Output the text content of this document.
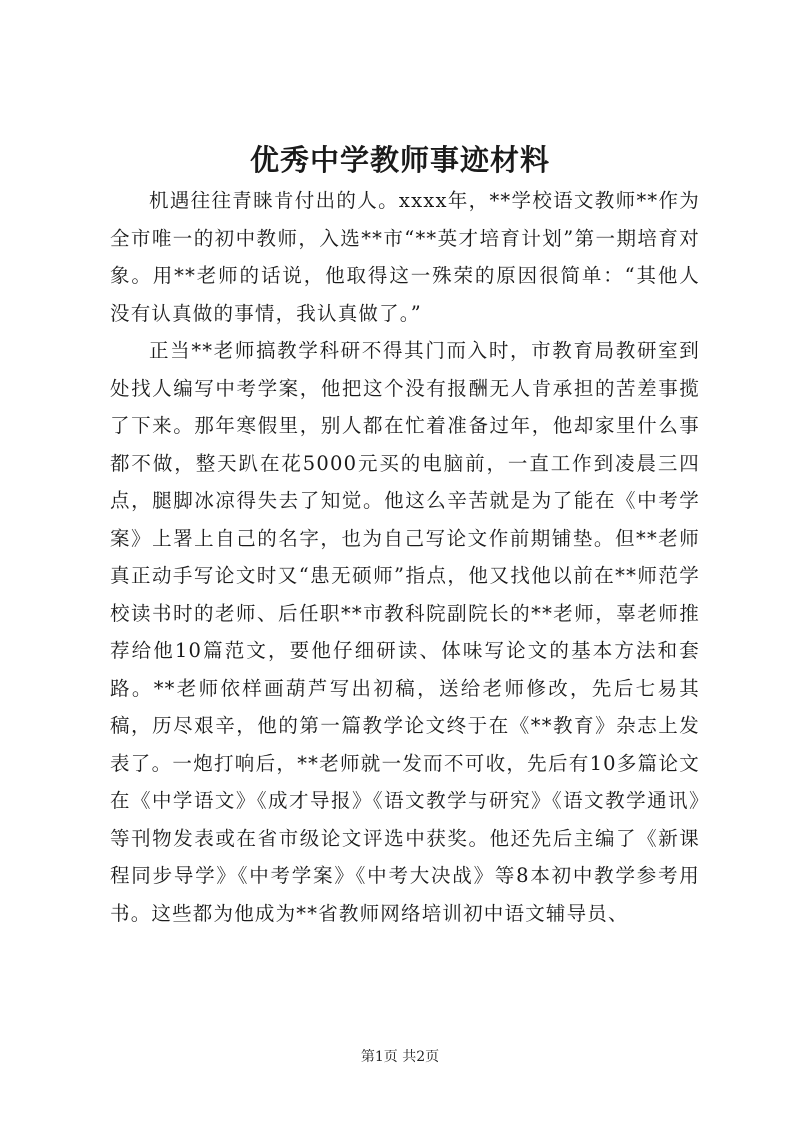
优秀中学教师事迹材料

机遇往往青睐肯付出的人。xxxx年，**学校语文教师**作为全市唯一的初中教师，入选**市“**英才培育计划”第一期培育对象。用**老师的话说，他取得这一殊荣的原因很简单：“其他人没有认真做的事情，我认真做了。”

正当**老师搞教学科研不得其门而入时，市教育局教研室到处找人编写中考学案，他把这个没有报酬无人肯承担的苦差事揽了下来。那年寒假里，别人都在忙着准备过年，他却家里什么事都不做，整天趴在花5000元买的电脑前，一直工作到凌晨三四点，腿脚冰凉得失去了知觉。他这么辛苦就是为了能在《中考学案》上署上自己的名字，也为自己写论文作前期铺垫。但**老师真正动手写论文时又“患无硕师”指点，他又找他以前在**师范学校读书时的老师、后任职**市教科院副院长的**老师，辜老师推荐给他10篇范文，要他仔细研读、体味写论文的基本方法和套路。**老师依样画葫芦写出初稿，送给老师修改，先后七易其稿，历尽艰辛，他的第一篇教学论文终于在《**教育》杂志上发表了。一炮打响后，**老师就一发而不可收，先后有10多篇论文在《中学语文》《成才导报》《语文教学与研究》《语文教学通讯》等刊物发表或在省市级论文评选中获奖。他还先后主编了《新课程同步导学》《中考学案》《中考大决战》等8本初中教学参考用书。这些都为他成为**省教师网络培训初中语文辅导员、

第1页 共2页
